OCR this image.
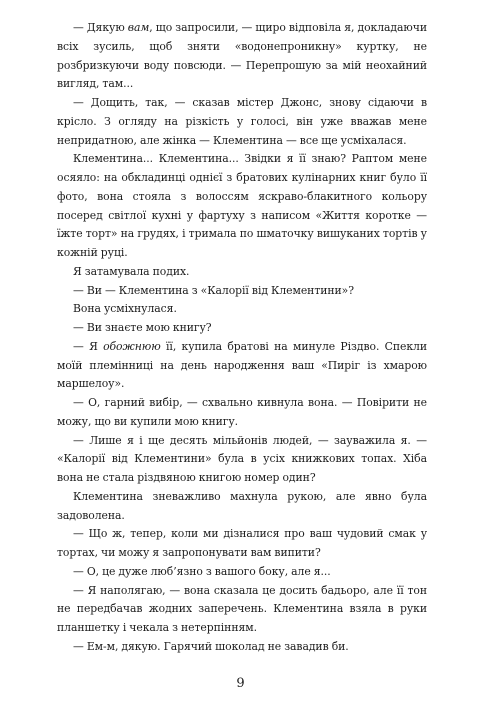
— Дякую вам, що запросили, — щиро відповіла я, докладаючи всіх зусиль, щоб зняти «водонепроникну» куртку, не розбризкуючи воду повсюди. — Перепрошую за мій неохайний вигляд, там...

— Дощить, так, — сказав містер Джонс, знову сідаючи в крісло. З огляду на різкість у голосі, він уже вважав мене непридатною, але жінка — Клементина — все ще усміхалася.

Клементина... Клементина... Звідки я її знаю? Раптом мене осяяло: на обкладинці однієї з братових кулінарних книг було її фото, вона стояла з волоссям яскраво-блакитного кольору посеред світлої кухні у фартуху з написом «Життя коротке — їжте торт» на грудях, і тримала по шматочку вишуканих тортів у кожній руці.

Я затамувала подих.

— Ви — Клементина з «Калорії від Клементини»?

Вона усміхнулася.

— Ви знаєте мою книгу?

— Я обожнюю її, купила братові на минуле Різдво. Спекли моїй племінниці на день народження ваш «Пиріг із хмарою маршелоу».

— О, гарний вибір, — схвально кивнула вона. — Повірити не можу, що ви купили мою книгу.

— Лише я і ще десять мільйонів людей, — зауважила я. — «Калорії від Клементини» була в усіх книжкових топах. Хіба вона не стала різдвяною книгою номер один?

Клементина зневажливо махнула рукою, але явно була задоволена.

— Що ж, тепер, коли ми дізналися про ваш чудовий смак у тортах, чи можу я запропонувати вам випити?

— О, це дуже люб’язно з вашого боку, але я...

— Я наполягаю, — вона сказала це досить бадьоро, але її тон не передбачав жодних заперечень. Клементина взяла в руки планшетку і чекала з нетерпінням.

— Ем-м, дякую. Гарячий шоколад не завадив би.

9
